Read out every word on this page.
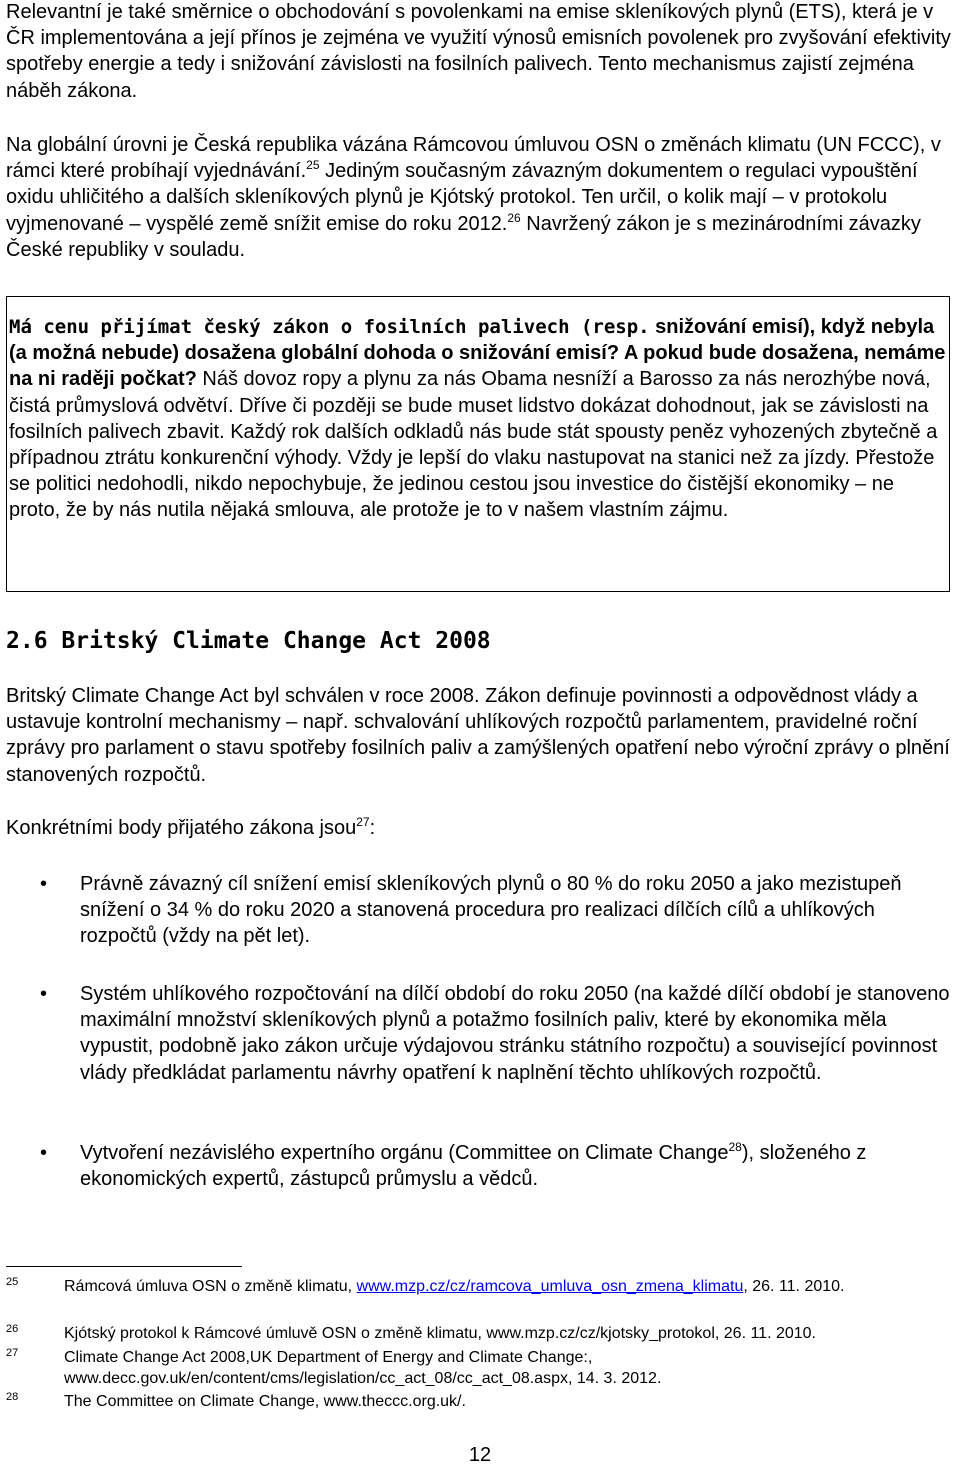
Relevantní je také směrnice o obchodování s povolenkami na emise skleníkových plynů (ETS), která je v ČR implementována a její přínos je zejména ve využití výnosů emisních povolenek pro zvyšování efektivity spotřeby energie a tedy i snižování závislosti na fosilních palivech. Tento mechanismus zajistí zejména náběh zákona.

Na globální úrovni je Česká republika vázána Rámcovou úmluvou OSN o změnách klimatu (UN FCCC), v rámci které probíhají vyjednávání.$^{25}$ Jediným současným závazným dokumentem o regulaci vypouštění oxidu uhličitého a dalších skleníkových plynů je Kjótský protokol. Ten určil, o kolik mají – v protokolu vyjmenované – vyspělé země snížit emise do roku 2012.26 Navržený zákon je s mezinárodními závazky České republiky v souladu.

Má cenu přijímat český zákon o fosilních palivech (resp. snižování emisí), když nebyla (a možná nebude) dosažena globální dohoda o snižování emisí? A pokud bude dosažena, nemáme na ni raději počkat? Náš dovoz ropy a plynu za nás Obama nesníží a Barosso za nás nerozhýbe nová, čistá průmyslová odvětví. Dříve či později se bude muset lidstvo dokázat dohodnout, jak se závislosti na fosilních palivech zbavit. Každý rok dalších odkladů nás bude stát spousty peněz vyhozených zbytečně a případnou ztrátu konkurenční výhody. Vždy je lepší do vlaku nastupovat na stanici než za jízdy. Přestože se politici nedohodli, nikdo nepochybuje, že jedinou cestou jsou investice do čistější ekonomiky – ne proto, že by nás nutila nějaká smlouva, ale protože je to v našem vlastním zájmu.

2.6 Britský Climate Change Act 2008

Britský Climate Change Act byl schválen v roce 2008. Zákon definuje povinnosti a odpovědnost vlády a ustavuje kontrolní mechanismy – např. schvalování uhlíkových rozpočtů parlamentem, pravidelné roční zprávy pro parlament o stavu spotřeby fosilních paliv a zamýšlených opatření nebo výroční zprávy o plnění stanovených rozpočtů.

Konkrétními body přijatého zákona jsou$^{27}$:

• Právně závazný cíl snížení emisí skleníkových plynů o 80 % do roku 2050 a jako mezistupeň snížení o 34 % do roku 2020 a stanovená procedura pro realizaci dílčích cílů a uhlíkových rozpočtů (vždy na pět let).
• Systém uhlíkového rozpočtování na dílčí období do roku 2050 (na každé dílčí období je stanoveno maximální množství skleníkových plynů a potažmo fosilních paliv, které by ekonomika měla vypustit, podobně jako zákon určuje výdajovou stránku státního rozpočtu) a související povinnost vlády předkládat parlamentu návrhy opatření k naplnění těchto uhlíkových rozpočtů.
• Vytvoření nezávislého expertního orgánu (Committee on Climate Change$^{28}$), složeného z ekonomických expertů, zástupců průmyslu a vědců.
25	Rámcová úmluva OSN o změně klimatu, www.mzp.cz/cz/ramcova_umluva_osn_zmena_klimatu, 26. 11. 2010.
26	Kjótský protokol k Rámcové úmluvě OSN o změně klimatu, www.mzp.cz/cz/kjotsky_protokol, 26. 11. 2010.
27	Climate Change Act 2008,UK Department of Energy and Climate Change:, www.decc.gov.uk/en/content/cms/legislation/cc_act_08/cc_act_08.aspx, 14. 3. 2012.
28	The Committee on Climate Change, www.theccc.org.uk/.
12
